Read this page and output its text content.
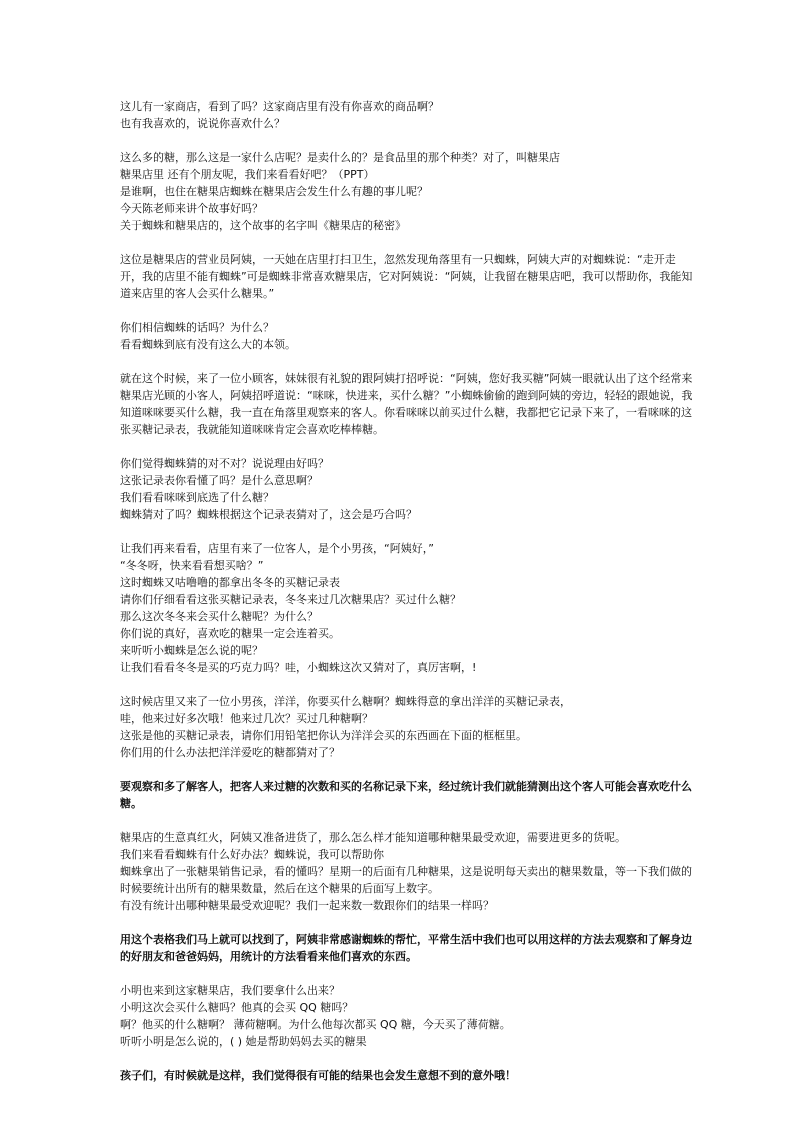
这儿有一家商店，看到了吗？这家商店里有没有你喜欢的商品啊？
也有我喜欢的，说说你喜欢什么？
这么多的糖，那么这是一家什么店呢？是卖什么的？是食品里的那个种类？对了，叫糖果店
糖果店里 还有个朋友呢，我们来看看好吧？（PPT）
是谁啊，也住在糖果店蜘蛛在糖果店会发生什么有趣的事儿呢？
今天陈老师来讲个故事好吗？
关于蜘蛛和糖果店的，这个故事的名字叫《糖果店的秘密》
这位是糖果店的营业员阿姨，一天她在店里打扫卫生，忽然发现角落里有一只蜘蛛，阿姨大声的对蜘蛛说：“走开走开，我的店里不能有蜘蛛”可是蜘蛛非常喜欢糖果店，它对阿姨说：“阿姨，让我留在糖果店吧，我可以帮助你，我能知道来店里的客人会买什么糖果。”
你们相信蜘蛛的话吗？为什么？
看看蜘蛛到底有没有这么大的本领。
就在这个时候，来了一位小顾客，妹妹很有礼貌的跟阿姨打招呼说：“阿姨，您好我买糖”阿姨一眼就认出了这个经常来糖果店光顾的小客人，阿姨招呼道说：“咪咪，快进来，买什么糖？”小蜘蛛偷偷的跑到阿姨的旁边，轻轻的跟她说，我知道咪咪要买什么糖，我一直在角落里观察来的客人。你看咪咪以前买过什么糖，我都把它记录下来了，一看咪咪的这张买糖记录表，我就能知道咪咪肯定会喜欢吃棒棒糖。
你们觉得蜘蛛猜的对不对？说说理由好吗？
这张记录表你看懂了吗？是什么意思啊？
我们看看咪咪到底选了什么糖？
蜘蛛猜对了吗？蜘蛛根据这个记录表猜对了，这会是巧合吗？
让我们再来看看，店里有来了一位客人，是个小男孩，“阿姨好，”
“冬冬呀，快来看看想买啥？”
这时蜘蛛又咕噜噜的都拿出冬冬的买糖记录表
请你们仔细看看这张买糖记录表，冬冬来过几次糖果店？买过什么糖？
那么这次冬冬来会买什么糖呢？为什么？
你们说的真好，喜欢吃的糖果一定会连着买。
来听听小蜘蛛是怎么说的呢？
让我们看看冬冬是买的巧克力吗？哇，小蜘蛛这次又猜对了，真厉害啊，!
这时候店里又来了一位小男孩，洋洋，你要买什么糖啊？蜘蛛得意的拿出洋洋的买糖记录表，
哇，他来过好多次哦！他来过几次？买过几种糖啊？
这张是他的买糖记录表，请你们用铅笔把你认为洋洋会买的东西画在下面的框框里。
你们用的什么办法把洋洋爱吃的糖都猜对了？
要观察和多了解客人，把客人来过糖的次数和买的名称记录下来，经过统计我们就能猜测出这个客人可能会喜欢吃什么糖。
糖果店的生意真红火，阿姨又准备进货了，那么怎么样才能知道哪种糖果最受欢迎，需要进更多的货呢。
我们来看看蜘蛛有什么好办法？蜘蛛说，我可以帮助你
蜘蛛拿出了一张糖果销售记录，看的懂吗？星期一的后面有几种糖果，这是说明每天卖出的糖果数量，等一下我们做的时候要统计出所有的糖果数量，然后在这个糖果的后面写上数字。
有没有统计出哪种糖果最受欢迎呢？我们一起来数一数跟你们的结果一样吗？
用这个表格我们马上就可以找到了，阿姨非常感谢蜘蛛的帮忙，平常生活中我们也可以用这样的方法去观察和了解身边的好朋友和爸爸妈妈，用统计的方法看看来他们喜欢的东西。
小明也来到这家糖果店，我们要拿什么出来？
小明这次会买什么糖吗？他真的会买 QQ 糖吗？
啊？他买的什么糖啊？ 薄荷糖啊。为什么他每次都买 QQ 糖，今天买了薄荷糖。
听听小明是怎么说的，( ) 她是帮助妈妈去买的糖果
孩子们，有时候就是这样，我们觉得很有可能的结果也会发生意想不到的意外哦！
